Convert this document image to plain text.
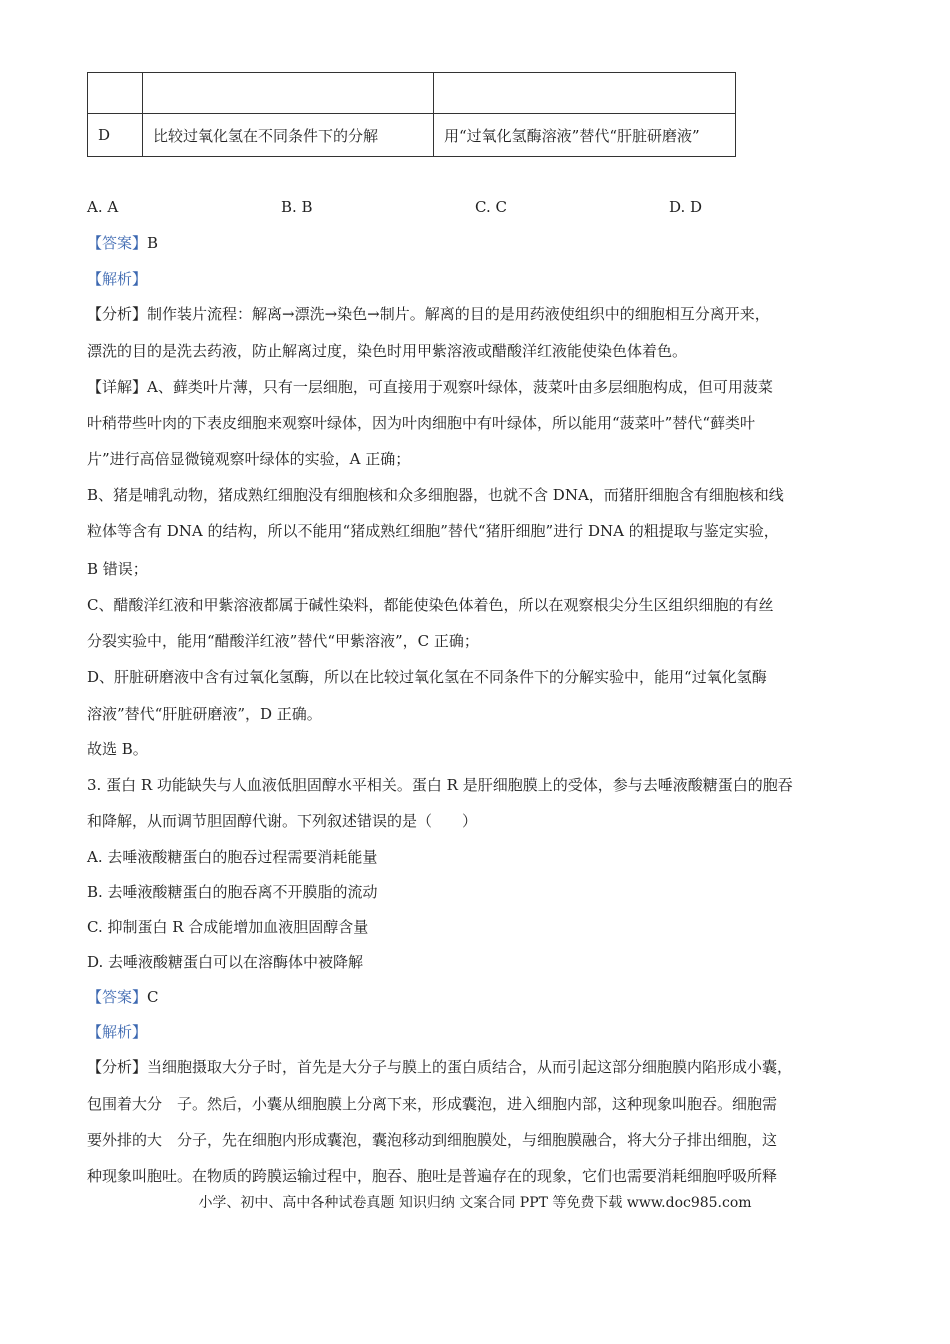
D	比较过氧化氢在不同条件下的分解	用“过氧化氢酶溶液”替代“肝脏研磨液”
A. A	B. B	C. C	D. D
【答案】B
【解析】
【分析】制作装片流程：解离→漂洗→染色→制片。解离的目的是用药液使组织中的细胞相互分离开来，
漂洗的目的是洗去药液，防止解离过度，染色时用甲紫溶液或醋酸洋红液能使染色体着色。
【详解】A、藓类叶片薄，只有一层细胞，可直接用于观察叶绿体，菠菜叶由多层细胞构成，但可用菠菜
叶稍带些叶肉的下表皮细胞来观察叶绿体，因为叶肉细胞中有叶绿体，所以能用“菠菜叶”替代“藓类叶
片”进行高倍显微镜观察叶绿体的实验，A 正确；
B、猪是哺乳动物，猪成熟红细胞没有细胞核和众多细胞器，也就不含 DNA，而猪肝细胞含有细胞核和线
粒体等含有 DNA 的结构，所以不能用“猪成熟红细胞”替代“猪肝细胞”进行 DNA 的粗提取与鉴定实验，
B 错误；
C、醋酸洋红液和甲紫溶液都属于碱性染料，都能使染色体着色，所以在观察根尖分生区组织细胞的有丝
分裂实验中，能用“醋酸洋红液”替代“甲紫溶液”，C 正确；
D、肝脏研磨液中含有过氧化氢酶，所以在比较过氧化氢在不同条件下的分解实验中，能用“过氧化氢酶
溶液”替代“肝脏研磨液”，D 正确。
故选 B。
3. 蛋白 R 功能缺失与人血液低胆固醇水平相关。蛋白 R 是肝细胞膜上的受体，参与去唾液酸糖蛋白的胞吞
和降解，从而调节胆固醇代谢。下列叙述错误的是（　　）
A. 去唾液酸糖蛋白的胞吞过程需要消耗能量
B. 去唾液酸糖蛋白的胞吞离不开膜脂的流动
C. 抑制蛋白 R 合成能增加血液胆固醇含量
D. 去唾液酸糖蛋白可以在溶酶体中被降解
【答案】C
【解析】
【分析】当细胞摄取大分子时，首先是大分子与膜上的蛋白质结合，从而引起这部分细胞膜内陷形成小囊，
包围着大分　子。然后，小囊从细胞膜上分离下来，形成囊泡，进入细胞内部，这种现象叫胞吞。细胞需
要外排的大　分子，先在细胞内形成囊泡，囊泡移动到细胞膜处，与细胞膜融合，将大分子排出细胞，这
种现象叫胞吐。在物质的跨膜运输过程中，胞吞、胞吐是普遍存在的现象，它们也需要消耗细胞呼吸所释
小学、初中、高中各种试卷真题 知识归纳 文案合同 PPT 等免费下载 www.doc985.com
